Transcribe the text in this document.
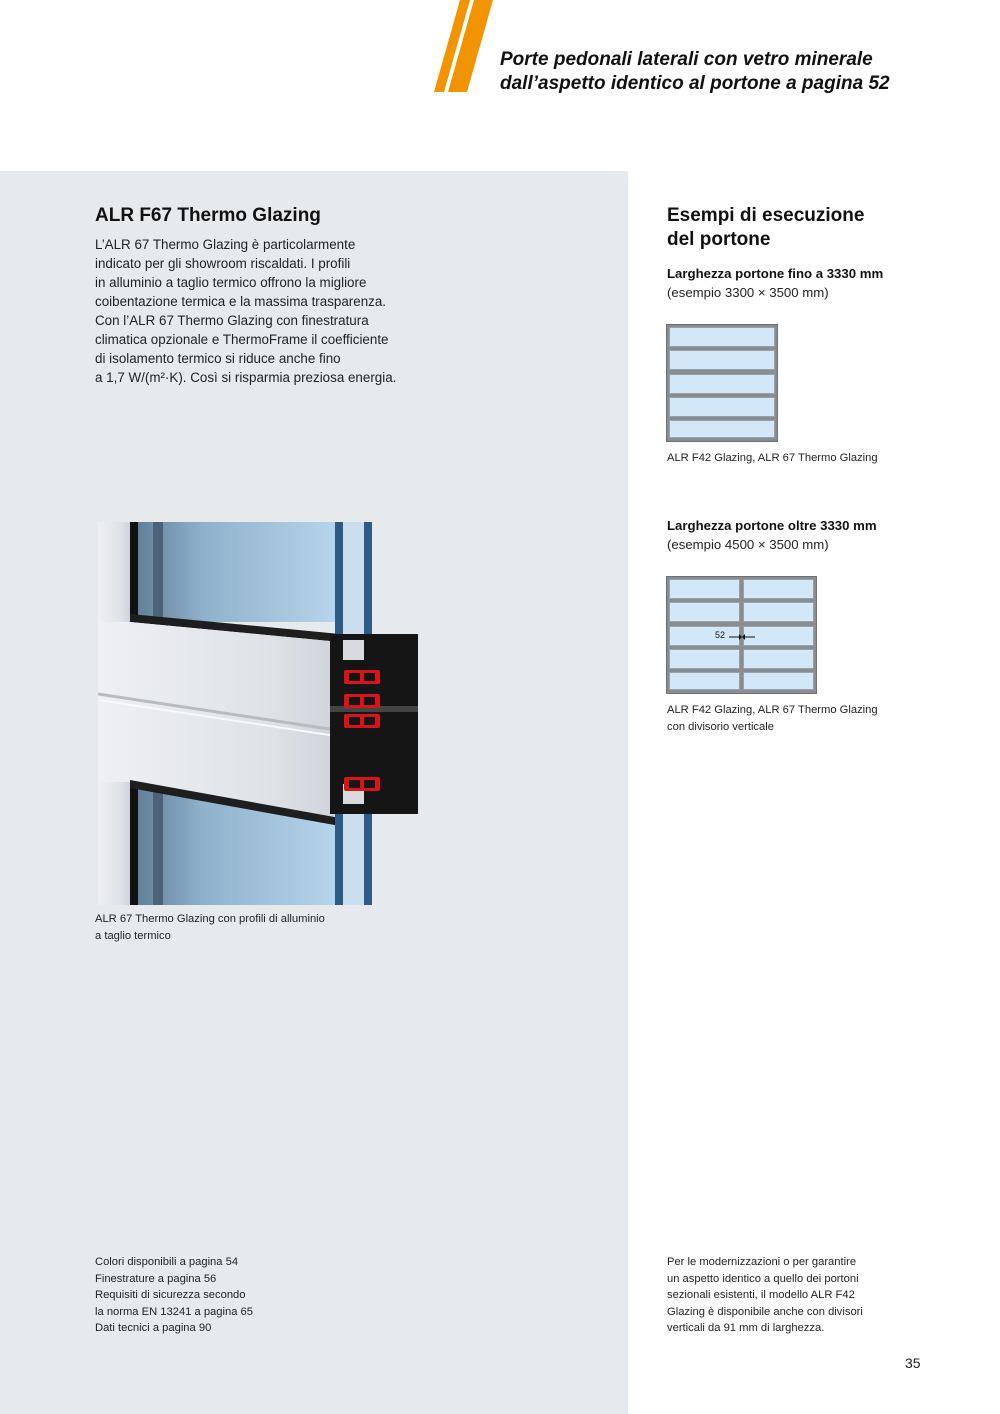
Porte pedonali laterali con vetro minerale
dall’aspetto identico al portone a pagina 52
ALR F67 Thermo Glazing
L’ALR 67 Thermo Glazing è particolarmente
indicato per gli showroom riscaldati. I profili
in alluminio a taglio termico offrono la migliore
coibentazione termica e la massima trasparenza.
Con l’ALR 67 Thermo Glazing con finestratura
climatica opzionale e ThermoFrame il coefficiente
di isolamento termico si riduce anche fino
a 1,7 W/(m²·K). Così si risparmia preziosa energia.
ALR 67 Thermo Glazing con profili di alluminio
a taglio termico
Colori disponibili a pagina 54
Finestrature a pagina 56
Requisiti di sicurezza secondo
la norma EN 13241 a pagina 65
Dati tecnici a pagina 90
Esempi di esecuzione
del portone
Larghezza portone fino a 3330 mm
(esempio 3300 × 3500 mm)
ALR F42 Glazing, ALR 67 Thermo Glazing
Larghezza portone oltre 3330 mm
(esempio 4500 × 3500 mm)
52
ALR F42 Glazing, ALR 67 Thermo Glazing
con divisorio verticale
Per le modernizzazioni o per garantire
un aspetto identico a quello dei portoni
sezionali esistenti, il modello ALR F42
Glazing è disponibile anche con divisori
verticali da 91 mm di larghezza.
35
